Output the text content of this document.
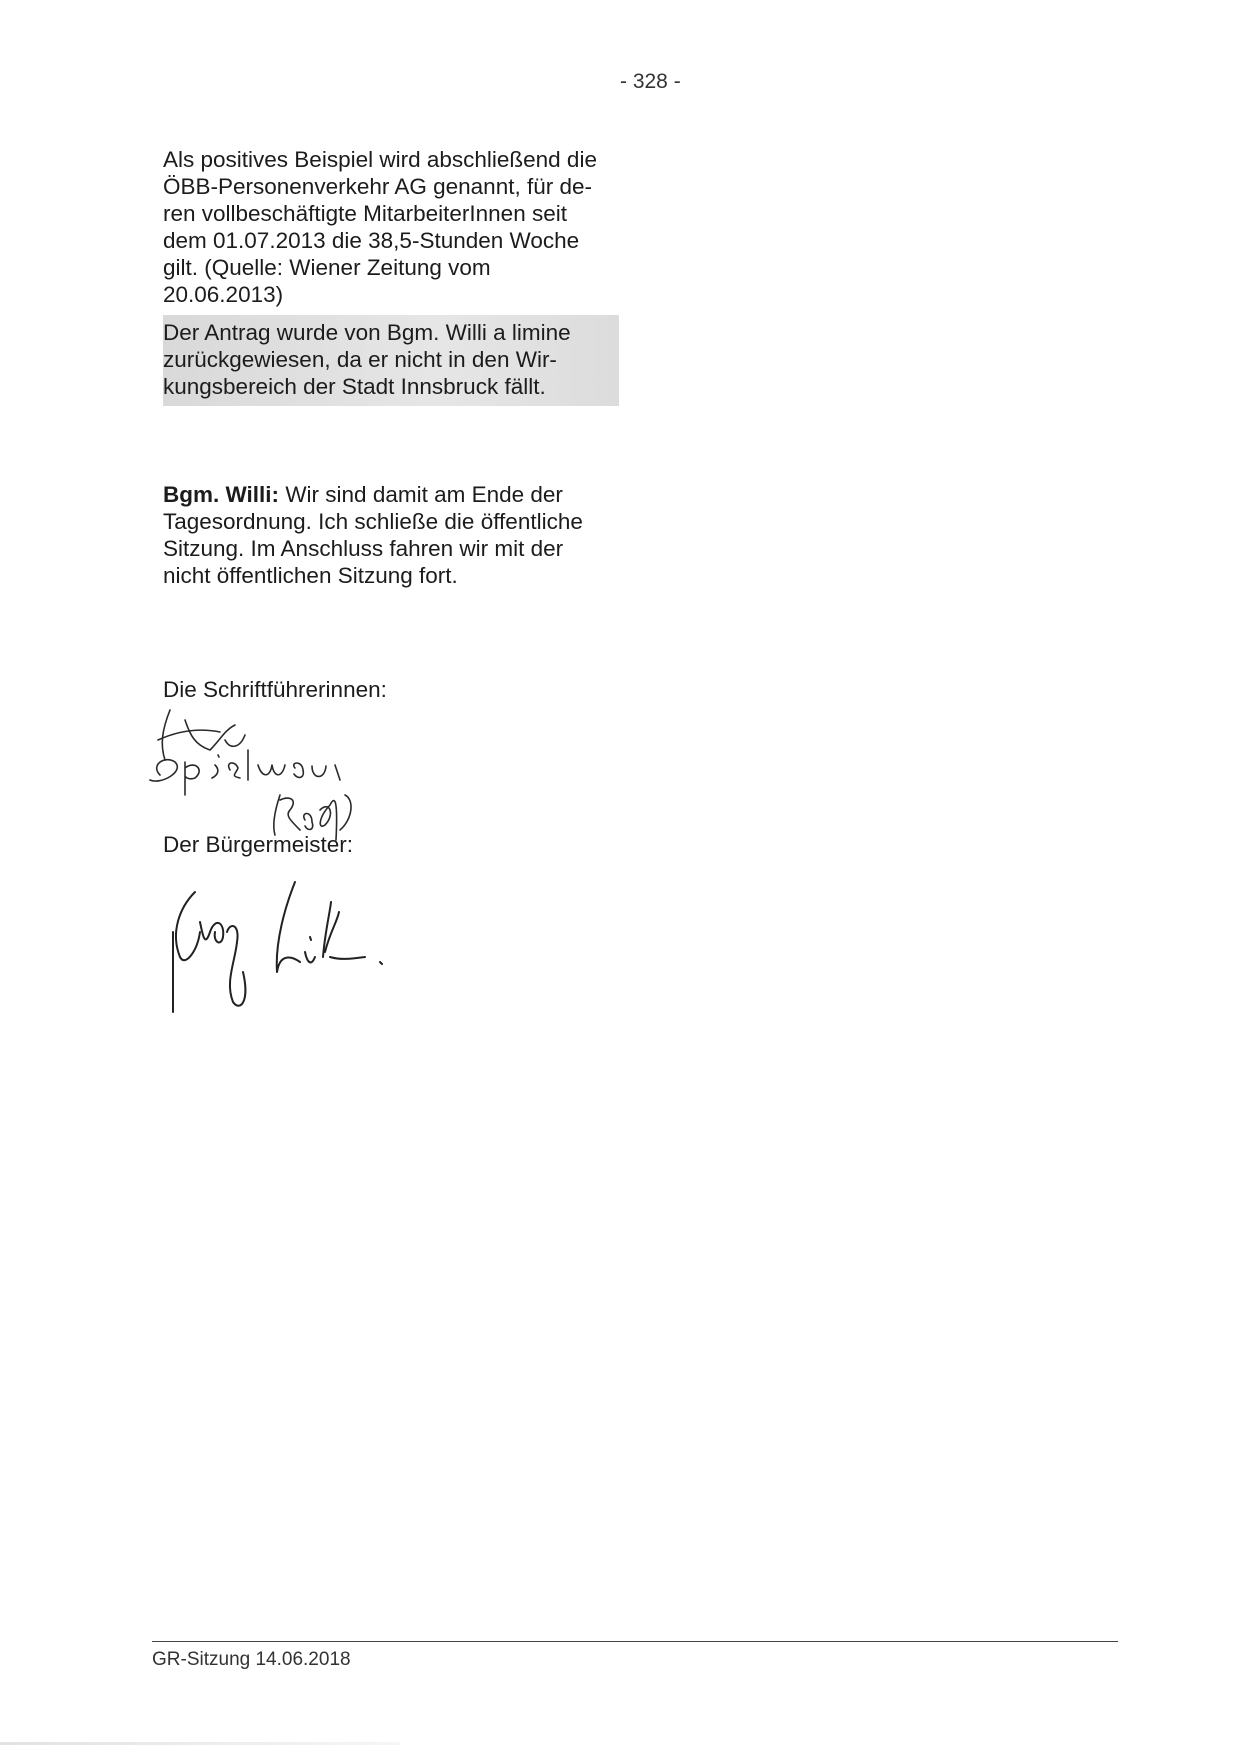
- 328 -

Als positives Beispiel wird abschließend die

ÖBB-Personenverkehr AG genannt, für de-

ren vollbeschäftigte MitarbeiterInnen seit

dem 01.07.2013 die 38,5-Stunden Woche

gilt. (Quelle: Wiener Zeitung vom

20.06.2013)

Der Antrag wurde von Bgm. Willi a limine

zurückgewiesen, da er nicht in den Wir-

kungsbereich der Stadt Innsbruck fällt.

Bgm. Willi: Wir sind damit am Ende der

Tagesordnung. Ich schließe die öffentliche

Sitzung. Im Anschluss fahren wir mit der

nicht öffentlichen Sitzung fort.

Die Schriftführerinnen:
Der Bürgermeister:
GR-Sitzung 14.06.2018
